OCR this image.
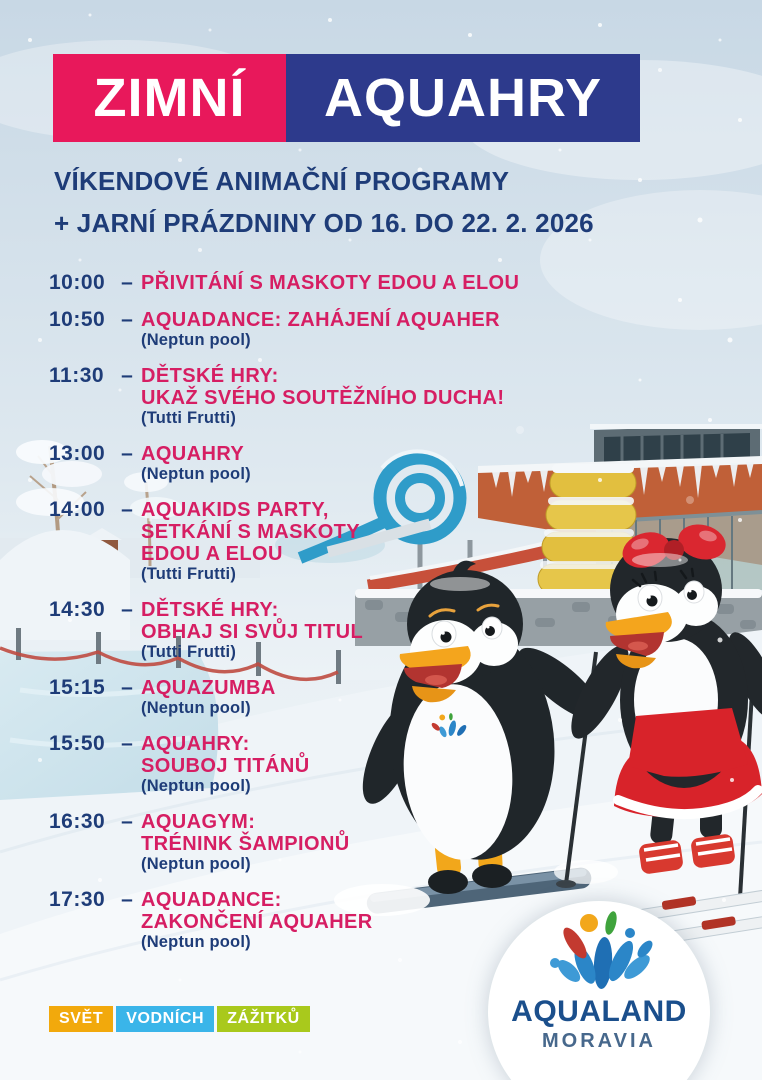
ZIMNÍ	AQUAHRY
VÍKENDOVÉ ANIMAČNÍ PROGRAMY
+ JARNÍ PRÁZDNINY OD 16. DO 22. 2. 2026
10:00 – PŘIVITÁNÍ S MASKOTY EDOU A ELOU
10:50 – AQUADANCE: ZAHÁJENÍ AQUAHER
(Neptun pool)
11:30 – DĚTSKÉ HRY:
UKAŽ SVÉHO SOUTĚŽNÍHO DUCHA!
(Tutti Frutti)
13:00 – AQUAHRY
(Neptun pool)
14:00 – AQUAKIDS PARTY,
SETKÁNÍ S MASKOTY
EDOU A ELOU
(Tutti Frutti)
14:30 – DĚTSKÉ HRY:
OBHAJ SI SVŮJ TITUL
(Tutti Frutti)
15:15 – AQUAZUMBA
(Neptun pool)
15:50 – AQUAHRY:
SOUBOJ TITÁNŮ
(Neptun pool)
16:30 – AQUAGYM:
TRÉNINK ŠAMPIONŮ
(Neptun pool)
17:30 – AQUADANCE:
ZAKONČENÍ AQUAHER
(Neptun pool)
SVĚT	VODNÍCH	ZÁŽITKŮ	AQUALAND
MORAVIA
